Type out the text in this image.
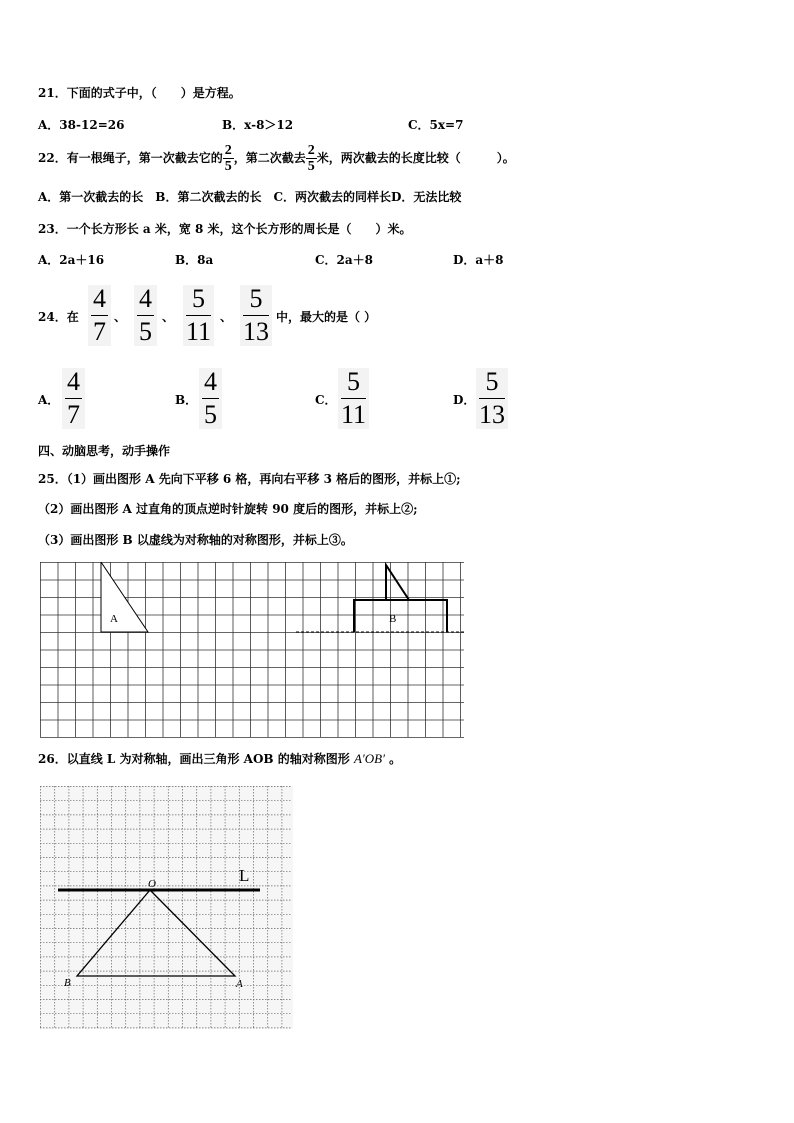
21．下面的式子中，（　　）是方程。
A．38-12=26	B．x-8＞12	C．5x=7
22．有一根绳子，第一次截去它的 $\frac{2}{5}$ ，第二次截去 $\frac{2}{5}$ 米，两次截去的长度比较（　　　）。
A．第一次截去的长　B．第二次截去的长　C．两次截去的同样长D．无法比较
23．一个长方形长 a 米，宽 8 米，这个长方形的周长是（　　）米。
A．2a＋16	B．8a	C．2a＋8	D．a＋8
24．在 $\frac{4}{7}$ 、 $\frac{4}{5}$ 、 $\frac{5}{11}$ 、 $\frac{5}{13}$ 中，最大的是（ ）
A． $\frac{4}{7}$	B． $\frac{4}{5}$	C． $\frac{5}{11}$	D． $\frac{5}{13}$
四、动脑思考，动手操作
25．（1）画出图形 A 先向下平移 6 格，再向右平移 3 格后的图形，并标上①;
（2）画出图形 A 过直角的顶点逆时针旋转 90 度后的图形，并标上②;
（3）画出图形 B 以虚线为对称轴的对称图形，并标上③。
A	B
26．以直线 L 为对称轴，画出三角形 AOB 的轴对称图形 A′OB′ 。
L
O
B	A
